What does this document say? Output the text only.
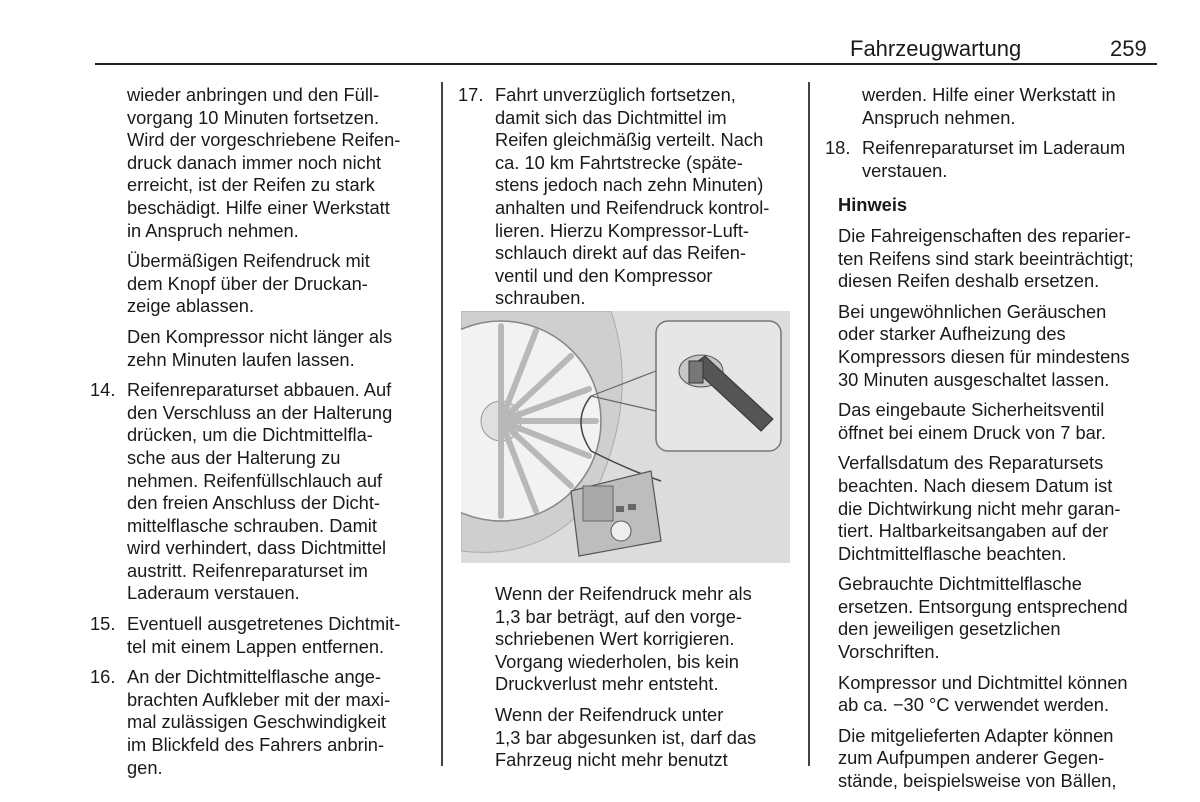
Fahrzeugwartung	259

wieder anbringen und den Füll-
vorgang 10 Minuten fortsetzen.
Wird der vorgeschriebene Reifen-
druck danach immer noch nicht
erreicht, ist der Reifen zu stark
beschädigt. Hilfe einer Werkstatt
in Anspruch nehmen.

Übermäßigen Reifendruck mit
dem Knopf über der Druckan-
zeige ablassen.

Den Kompressor nicht länger als
zehn Minuten laufen lassen.

14. Reifenreparaturset abbauen. Auf
den Verschluss an der Halterung
drücken, um die Dichtmittelfla-
sche aus der Halterung zu
nehmen. Reifenfüllschlauch auf
den freien Anschluss der Dicht-
mittelflasche schrauben. Damit
wird verhindert, dass Dichtmittel
austritt. Reifenreparaturset im
Laderaum verstauen.
15. Eventuell ausgetretenes Dichtmit-
tel mit einem Lappen entfernen.
16. An der Dichtmittelflasche ange-
brachten Aufkleber mit der maxi-
mal zulässigen Geschwindigkeit
im Blickfeld des Fahrers anbrin-
gen.
17. Fahrt unverzüglich fortsetzen,
damit sich das Dichtmittel im
Reifen gleichmäßig verteilt. Nach
ca. 10 km Fahrtstrecke (späte-
stens jedoch nach zehn Minuten)
anhalten und Reifendruck kontrol-
lieren. Hierzu Kompressor-Luft-
schlauch direkt auf das Reifen-
ventil und den Kompressor
schrauben.

Wenn der Reifendruck mehr als
1,3 bar beträgt, auf den vorge-
schriebenen Wert korrigieren.
Vorgang wiederholen, bis kein
Druckverlust mehr entsteht.

Wenn der Reifendruck unter
1,3 bar abgesunken ist, darf das
Fahrzeug nicht mehr benutzt

werden. Hilfe einer Werkstatt in
Anspruch nehmen.

18. Reifenreparaturset im Laderaum
verstauen.

Hinweis

Die Fahreigenschaften des reparier-
ten Reifens sind stark beeinträchtigt;
diesen Reifen deshalb ersetzen.

Bei ungewöhnlichen Geräuschen
oder starker Aufheizung des
Kompressors diesen für mindestens
30 Minuten ausgeschaltet lassen.

Das eingebaute Sicherheitsventil
öffnet bei einem Druck von 7 bar.

Verfallsdatum des Reparatursets
beachten. Nach diesem Datum ist
die Dichtwirkung nicht mehr garan-
tiert. Haltbarkeitsangaben auf der
Dichtmittelflasche beachten.

Gebrauchte Dichtmittelflasche
ersetzen. Entsorgung entsprechend
den jeweiligen gesetzlichen
Vorschriften.

Kompressor und Dichtmittel können
ab ca. −30 °C verwendet werden.

Die mitgelieferten Adapter können
zum Aufpumpen anderer Gegen-
stände, beispielsweise von Bällen,
